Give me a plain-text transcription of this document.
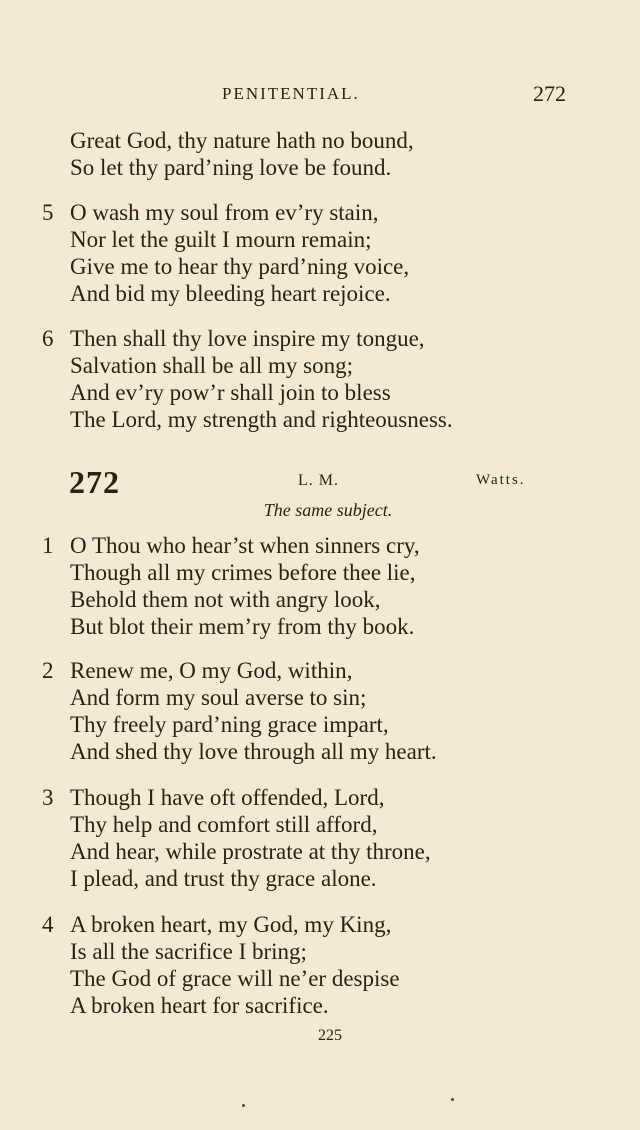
PENITENTIAL.	272
Great God, thy nature hath no bound,
So let thy pard’ning love be found.
5 O wash my soul from ev’ry stain,
Nor let the guilt I mourn remain;
Give me to hear thy pard’ning voice,
And bid my bleeding heart rejoice.
6 Then shall thy love inspire my tongue,
Salvation shall be all my song;
And ev’ry pow’r shall join to bless
The Lord, my strength and righteousness.
272	L. M.	Watts.
The same subject.
1 O Thou who hear’st when sinners cry,
Though all my crimes before thee lie,
Behold them not with angry look,
But blot their mem’ry from thy book.
2 Renew me, O my God, within,
And form my soul averse to sin;
Thy freely pard’ning grace impart,
And shed thy love through all my heart.
3 Though I have oft offended, Lord,
Thy help and comfort still afford,
And hear, while prostrate at thy throne,
I plead, and trust thy grace alone.
4 A broken heart, my God, my King,
Is all the sacrifice I bring;
The God of grace will ne’er despise
A broken heart for sacrifice.
225
